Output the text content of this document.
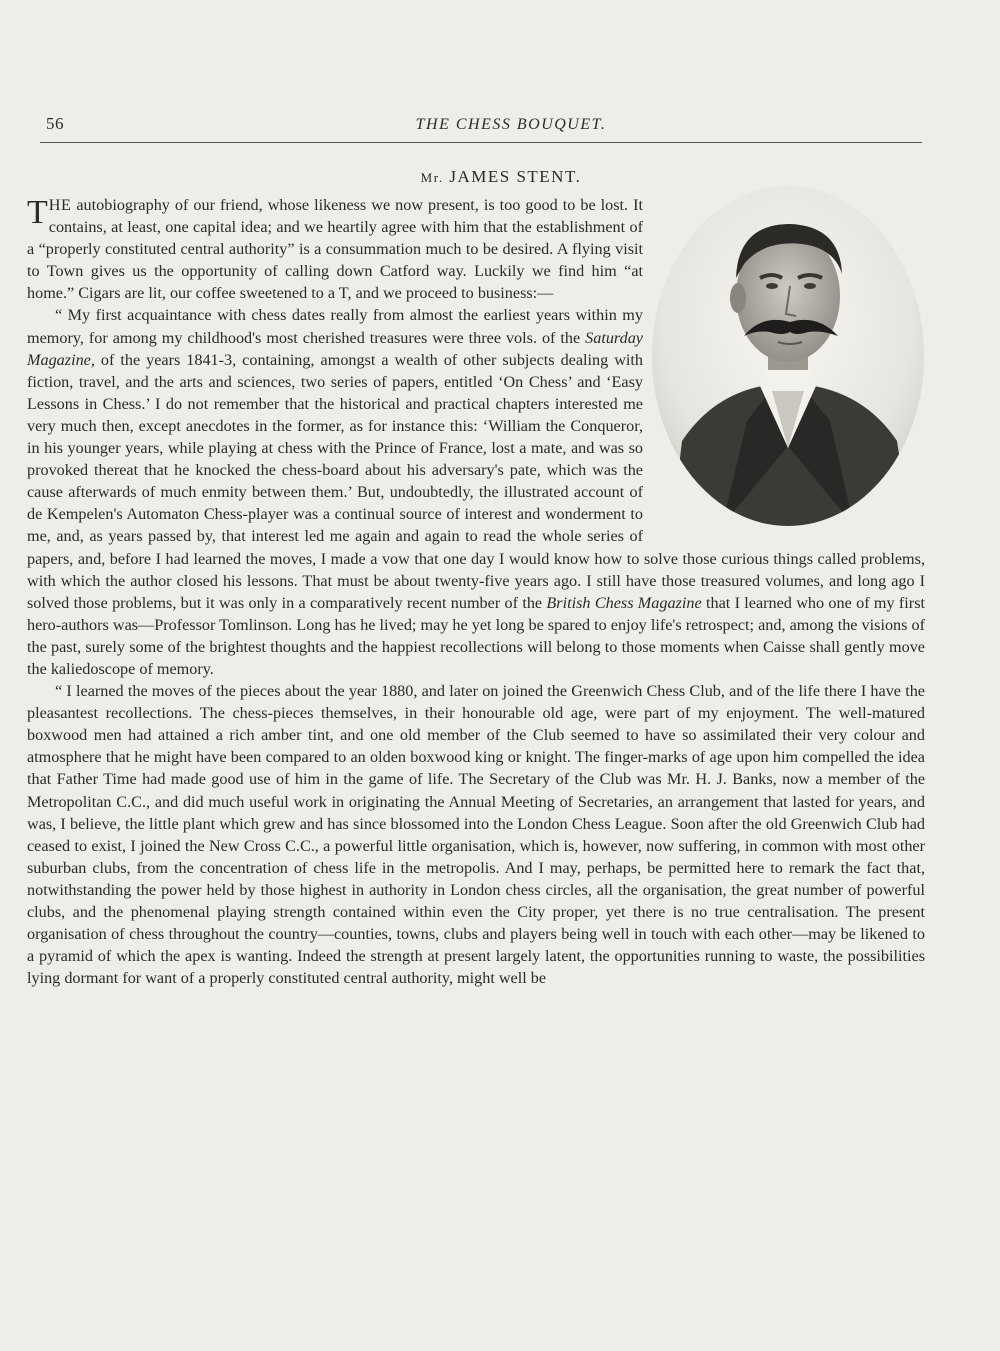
56	THE CHESS BOUQUET.
Mr. JAMES STENT.

THE autobiography of our friend, whose likeness we now present, is too good to be lost. It contains, at least, one capital idea; and we heartily agree with him that the establishment of a “properly constituted central authority” is a consummation much to be desired. A flying visit to Town gives us the opportunity of calling down Catford way. Luckily we find him “at home.” Cigars are lit, our coffee sweetened to a T, and we proceed to business:—

“ My first acquaintance with chess dates really from almost the earliest years within my memory, for among my childhood's most cherished treasures were three vols. of the Saturday Magazine, of the years 1841-3, containing, amongst a wealth of other subjects dealing with fiction, travel, and the arts and sciences, two series of papers, entitled ‘On Chess’ and ‘Easy Lessons in Chess.’ I do not remember that the historical and practical chapters interested me very much then, except anecdotes in the former, as for instance this: ‘William the Conqueror, in his younger years, while playing at chess with the Prince of France, lost a mate, and was so provoked thereat that he knocked the chess-board about his adversary's pate, which was the cause afterwards of much enmity between them.’ But, undoubtedly, the illustrated account of de Kempelen's Automaton Chess-player was a continual source of interest and wonderment to me, and, as years passed by, that interest led me again and again to read the whole series of papers, and, before I had learned the moves, I made a vow that one day I would know how to solve those curious things called problems, with which the author closed his lessons. That must be about twenty-five years ago. I still have those treasured volumes, and long ago I solved those problems, but it was only in a comparatively recent number of the British Chess Magazine that I learned who one of my first hero-authors was—Professor Tomlinson. Long has he lived; may he yet long be spared to enjoy life's retrospect; and, among the visions of the past, surely some of the brightest thoughts and the happiest recollections will belong to those moments when Caisse shall gently move the kaliedoscope of memory.

“ I learned the moves of the pieces about the year 1880, and later on joined the Greenwich Chess Club, and of the life there I have the pleasantest recollections. The chess-pieces themselves, in their honourable old age, were part of my enjoyment. The well-matured boxwood men had attained a rich amber tint, and one old member of the Club seemed to have so assimilated their very colour and atmosphere that he might have been compared to an olden boxwood king or knight. The finger-marks of age upon him compelled the idea that Father Time had made good use of him in the game of life. The Secretary of the Club was Mr. H. J. Banks, now a member of the Metropolitan C.C., and did much useful work in originating the Annual Meeting of Secretaries, an arrangement that lasted for years, and was, I believe, the little plant which grew and has since blossomed into the London Chess League. Soon after the old Greenwich Club had ceased to exist, I joined the New Cross C.C., a powerful little organisation, which is, however, now suffering, in common with most other suburban clubs, from the concentration of chess life in the metropolis. And I may, perhaps, be permitted here to remark the fact that, notwithstanding the power held by those highest in authority in London chess circles, all the organisation, the great number of powerful clubs, and the phenomenal playing strength contained within even the City proper, yet there is no true centralisation. The present organisation of chess throughout the country—counties, towns, clubs and players being well in touch with each other—may be likened to a pyramid of which the apex is wanting. Indeed the strength at present largely latent, the opportunities running to waste, the possibilities lying dormant for want of a properly constituted central authority, might well be
